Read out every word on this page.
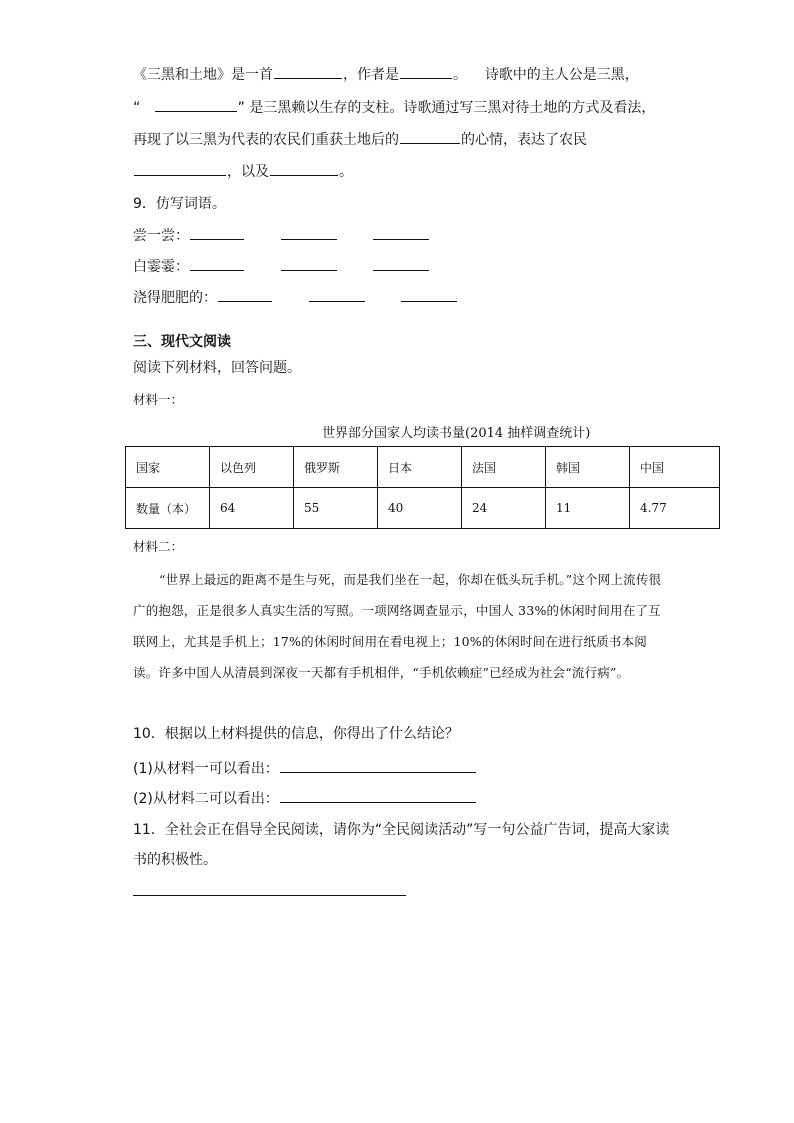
《三黑和土地》是一首	，作者是	。 诗歌中的主人公是三黑，
“	” 是三黑赖以生存的支柱。诗歌通过写三黑对待土地的方式及看法，
再现了以三黑为代表的农民们重获土地后的	的心情，表达了农民
，以及	。
9．仿写词语。
尝一尝：
白霎霎：
浇得肥肥的：
三、现代文阅读
阅读下列材料，回答问题。
材料一：
世界部分国家人均读书量(2014 抽样调查统计)
国家	以色列	俄罗斯	日本	法国	韩国	中国
数量（本）	64	55	40	24	11	4.77
材料二：
“世界上最远的距离不是生与死，而是我们坐在一起，你却在低头玩手机。”这个网上流传很广的抱怨，正是很多人真实生活的写照。一项网络调查显示，中国人 33%的休闲时间用在了互联网上，尤其是手机上；17%的休闲时间用在看电视上；10%的休闲时间在进行纸质书本阅读。许多中国人从清晨到深夜一天都有手机相伴，“手机依赖症”已经成为社会“流行病”。
10．根据以上材料提供的信息，你得出了什么结论？
(1)从材料一可以看出：
(2)从材料二可以看出：
11．全社会正在倡导全民阅读，请你为“全民阅读活动”写一句公益广告词，提高大家读
书的积极性。
